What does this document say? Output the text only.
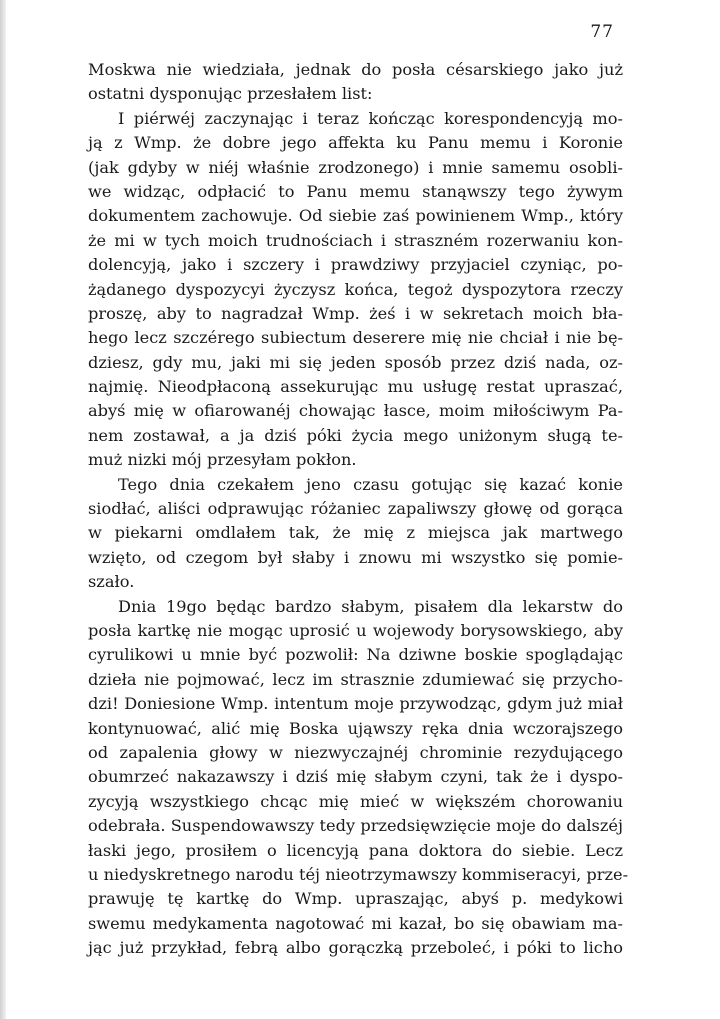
77
Moskwa nie wiedziała, jednak do posła césarskiego jako już
ostatni dysponując przesłałem list:
I piérwéj zaczynając i teraz kończąc korespondencyją mo-
ją z Wmp. że dobre jego affekta ku Panu memu i Koronie
(jak gdyby w niéj właśnie zrodzonego) i mnie samemu osobli-
we widząc, odpłacić to Panu memu stanąwszy tego żywym
dokumentem zachowuje. Od siebie zaś powinienem Wmp., który
że mi w tych moich trudnościach i straszném rozerwaniu kon-
dolencyją, jako i szczery i prawdziwy przyjaciel czyniąc, po-
żądanego dyspozycyi życzysz końca, tegoż dyspozytora rzeczy
proszę, aby to nagradzał Wmp. żeś i w sekretach moich bła-
hego lecz szczérego subiectum deserere mię nie chciał i nie bę-
dziesz, gdy mu, jaki mi się jeden sposób przez dziś nada, oz-
najmię. Nieodpłaconą assekurując mu usługę restat upraszać,
abyś mię w ofiarowanéj chowając łasce, moim miłościwym Pa-
nem zostawał, a ja dziś póki życia mego uniżonym sługą te-
muż nizki mój przesyłam pokłon.
Tego dnia czekałem jeno czasu gotując się kazać konie
siodłać, aliści odprawując różaniec zapaliwszy głowę od gorąca
w piekarni omdlałem tak, że mię z miejsca jak martwego
wzięto, od czegom był słaby i znowu mi wszystko się pomie-
szało.
Dnia 19go będąc bardzo słabym, pisałem dla lekarstw do
posła kartkę nie mogąc uprosić u wojewody borysowskiego, aby
cyrulikowi u mnie być pozwolił: Na dziwne boskie spoglądając
dzieła nie pojmować, lecz im strasznie zdumiewać się przycho-
dzi! Doniesione Wmp. intentum moje przywodząc, gdym już miał
kontynuować, alić mię Boska ująwszy ręka dnia wczorajszego
od zapalenia głowy w niezwyczajnéj chrominie rezydującego
obumrzeć nakazawszy i dziś mię słabym czyni, tak że i dyspo-
zycyją wszystkiego chcąc mię mieć w większém chorowaniu
odebrała. Suspendowawszy tedy przedsięwzięcie moje do dalszéj
łaski jego, prosiłem o licencyją pana doktora do siebie. Lecz
u niedyskretnego narodu téj nieotrzymawszy kommiseracyi, prze-
prawuję tę kartkę do Wmp. upraszając, abyś p. medykowi
swemu medykamenta nagotować mi kazał, bo się obawiam ma-
jąc już przykład, febrą albo gorączką przeboleć, i póki to licho
